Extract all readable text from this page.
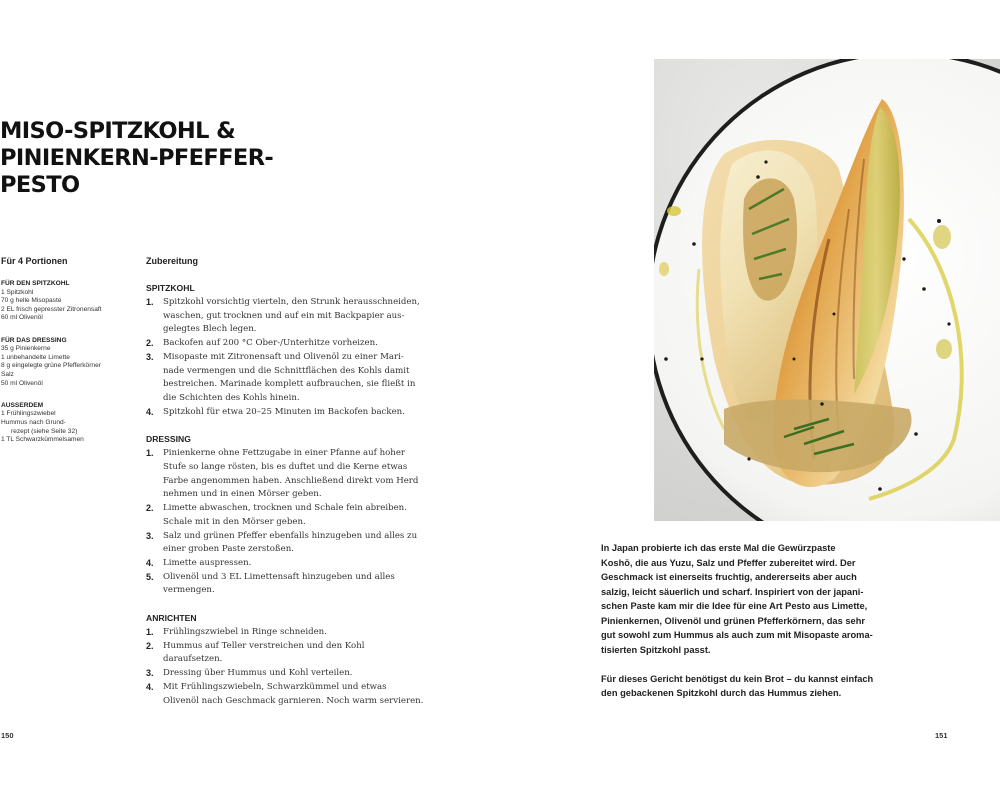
MISO-SPITZKOHL &
PINIENKERN-PFEFFER-
PESTO
Für 4 Portionen
FÜR DEN SPITZKOHL
1 Spitzkohl
70 g helle Misopaste
2 EL frisch gepresster Zitronensaft
60 ml Olivenöl
FÜR DAS DRESSING
35 g Pinienkerne
1 unbehandelte Limette
8 g eingelegte grüne Pfefferkörner
Salz
50 ml Olivenöl
AUSSERDEM
1 Frühlingszwiebel
Hummus nach Grund-
rezept (siehe Seite 32)
1 TL Schwarzkümmelsamen
Zubereitung
SPITZKOHL
1.	Spitzkohl vorsichtig vierteln, den Strunk herausschneiden,
waschen, gut trocknen und auf ein mit Backpapier aus-
gelegtes Blech legen.
2.	Backofen auf 200 °C Ober-/Unterhitze vorheizen.
3.	Misopaste mit Zitronensaft und Olivenöl zu einer Mari-
nade vermengen und die Schnittflächen des Kohls damit
bestreichen. Marinade komplett aufbrauchen, sie fließt in
die Schichten des Kohls hinein.
4.	Spitzkohl für etwa 20–25 Minuten im Backofen backen.
DRESSING
1.	Pinienkerne ohne Fettzugabe in einer Pfanne auf hoher
Stufe so lange rösten, bis es duftet und die Kerne etwas
Farbe angenommen haben. Anschließend direkt vom Herd
nehmen und in einen Mörser geben.
2.	Limette abwaschen, trocknen und Schale fein abreiben.
Schale mit in den Mörser geben.
3.	Salz und grünen Pfeffer ebenfalls hinzugeben und alles zu
einer groben Paste zerstoßen.
4.	Limette auspressen.
5.	Olivenöl und 3 EL Limettensaft hinzugeben und alles
vermengen.
ANRICHTEN
1.	Frühlingszwiebel in Ringe schneiden.
2.	Hummus auf Teller verstreichen und den Kohl
daraufsetzen.
3.	Dressing über Hummus und Kohl verteilen.
4.	Mit Frühlingszwiebeln, Schwarzkümmel und etwas
Olivenöl nach Geschmack garnieren. Noch warm servieren.
150

In Japan probierte ich das erste Mal die Gewürzpaste
Koshō, die aus Yuzu, Salz und Pfeffer zubereitet wird. Der
Geschmack ist einerseits fruchtig, andererseits aber auch
salzig, leicht säuerlich und scharf. Inspiriert von der japani-
schen Paste kam mir die Idee für eine Art Pesto aus Limette,
Pinienkernen, Olivenöl und grünen Pfefferkörnern, das sehr
gut sowohl zum Hummus als auch zum mit Misopaste aroma-
tisierten Spitzkohl passt.

Für dieses Gericht benötigst du kein Brot – du kannst einfach
den gebackenen Spitzkohl durch das Hummus ziehen.

151
